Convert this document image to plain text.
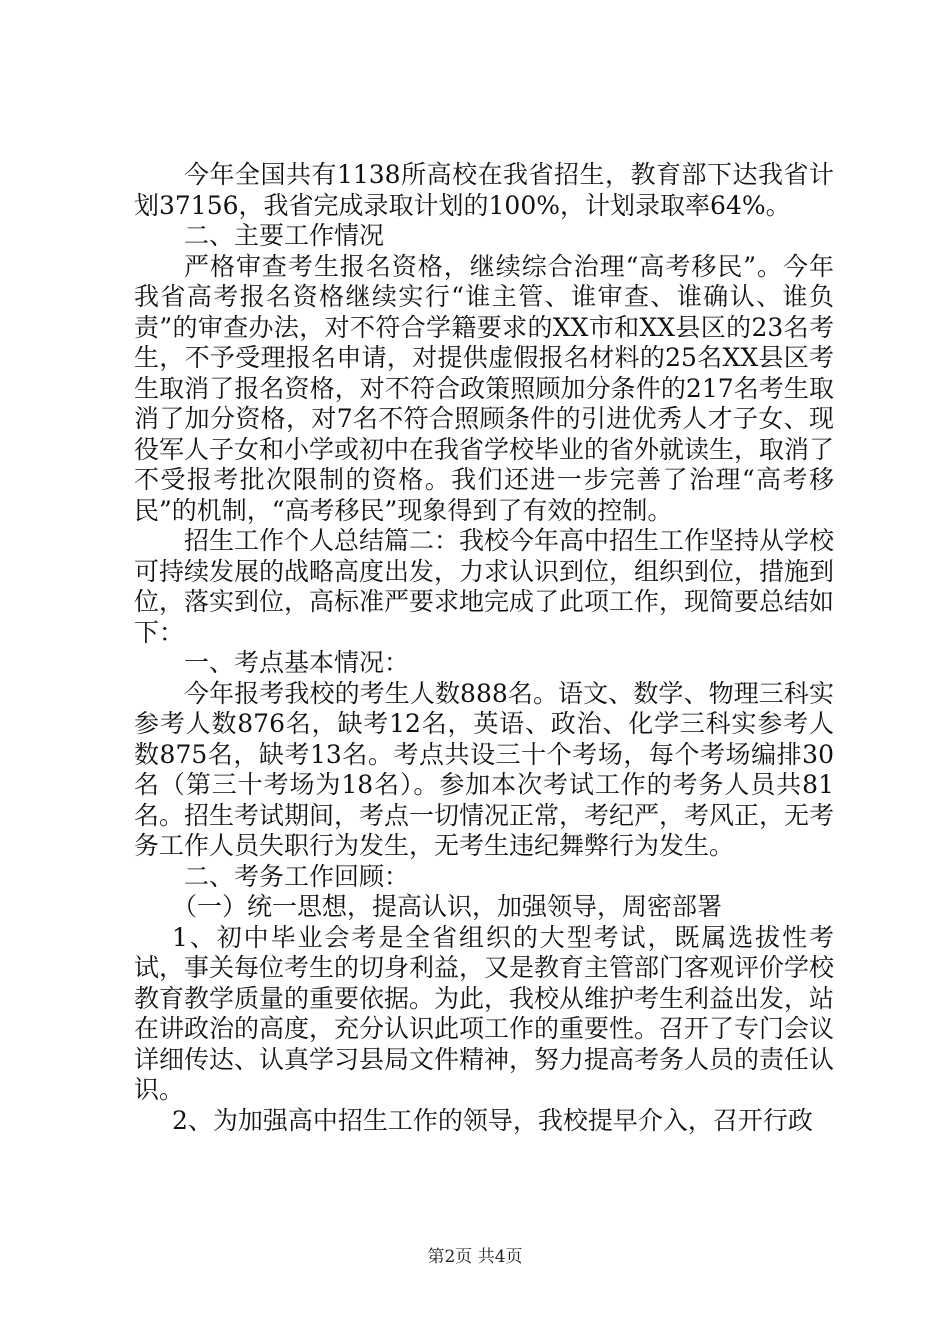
今年全国共有1138所高校在我省招生，教育部下达我省计划37156，我省完成录取计划的100%，计划录取率64%。

二、主要工作情况

严格审查考生报名资格，继续综合治理“高考移民”。今年我省高考报名资格继续实行“谁主管、谁审查、谁确认、谁负责”的审查办法，对不符合学籍要求的XX市和XX县区的23名考生，不予受理报名申请，对提供虚假报名材料的25名XX县区考生取消了报名资格，对不符合政策照顾加分条件的217名考生取消了加分资格，对7名不符合照顾条件的引进优秀人才子女、现役军人子女和小学或初中在我省学校毕业的省外就读生，取消了不受报考批次限制的资格。我们还进一步完善了治理“高考移民”的机制，“高考移民”现象得到了有效的控制。

招生工作个人总结篇二：我校今年高中招生工作坚持从学校可持续发展的战略高度出发，力求认识到位，组织到位，措施到位，落实到位，高标准严要求地完成了此项工作，现简要总结如下：

一、考点基本情况：

今年报考我校的考生人数888名。语文、数学、物理三科实参考人数876名，缺考12名，英语、政治、化学三科实参考人数875名，缺考13名。考点共设三十个考场，每个考场编排30名（第三十考场为18名）。参加本次考试工作的考务人员共81名。招生考试期间，考点一切情况正常，考纪严，考风正，无考务工作人员失职行为发生，无考生违纪舞弊行为发生。

二、考务工作回顾：

（一）统一思想，提高认识，加强领导，周密部署

1、初中毕业会考是全省组织的大型考试，既属选拔性考试，事关每位考生的切身利益，又是教育主管部门客观评价学校教育教学质量的重要依据。为此，我校从维护考生利益出发，站在讲政治的高度，充分认识此项工作的重要性。召开了专门会议详细传达、认真学习县局文件精神，努力提高考务人员的责任认识。

2、为加强高中招生工作的领导，我校提早介入，召开行政

第2页 共4页
